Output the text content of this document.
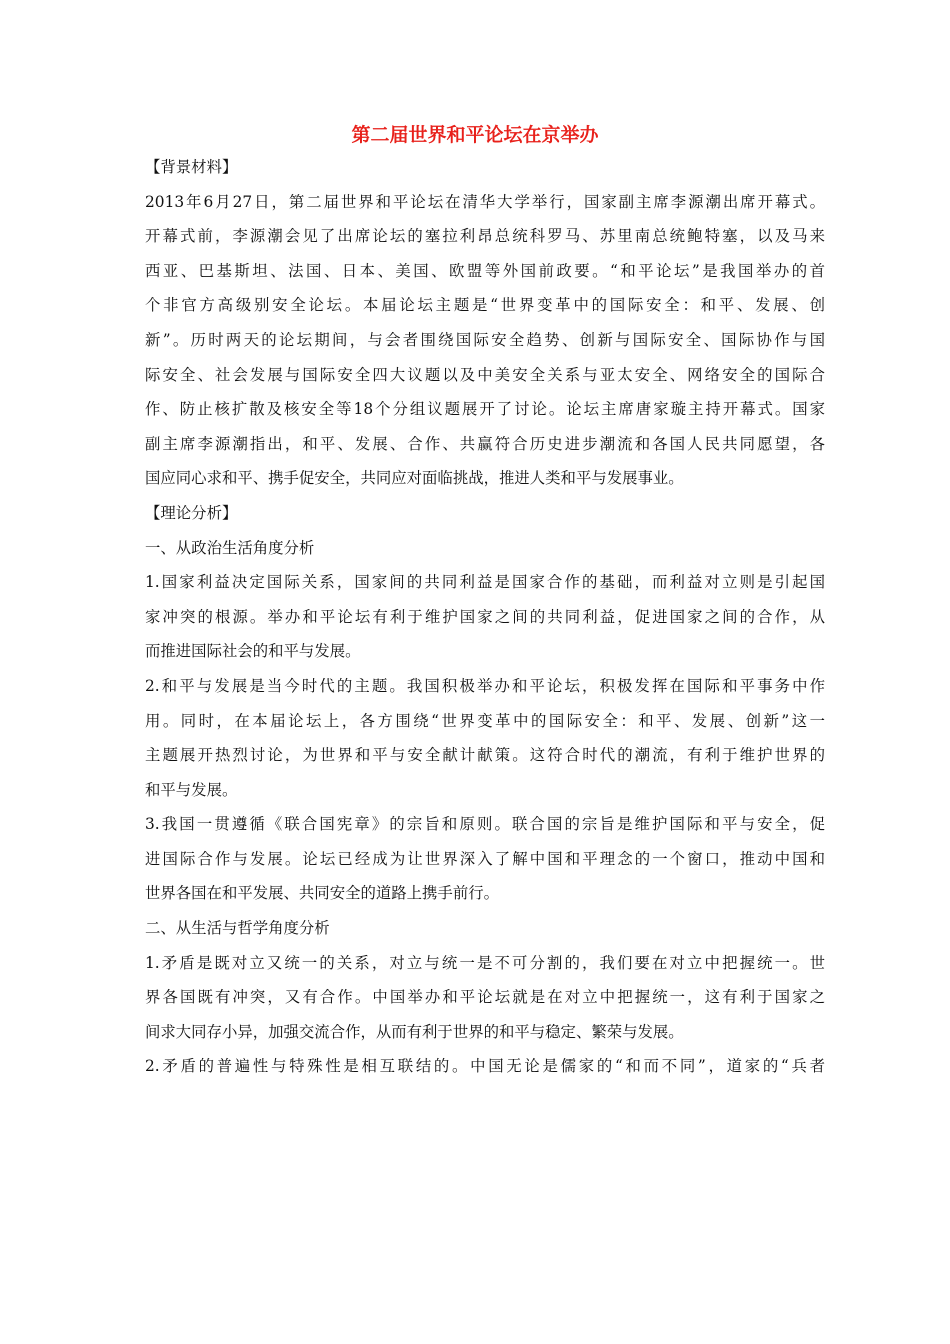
第二届世界和平论坛在京举办
【背景材料】
2013年6月27日，第二届世界和平论坛在清华大学举行，国家副主席李源潮出席开幕式。
开幕式前，李源潮会见了出席论坛的塞拉利昂总统科罗马、苏里南总统鲍特塞，以及马来
西亚、巴基斯坦、法国、日本、美国、欧盟等外国前政要。“和平论坛”是我国举办的首
个非官方高级别安全论坛。本届论坛主题是“世界变革中的国际安全：和平、发展、创
新”。历时两天的论坛期间，与会者围绕国际安全趋势、创新与国际安全、国际协作与国
际安全、社会发展与国际安全四大议题以及中美安全关系与亚太安全、网络安全的国际合
作、防止核扩散及核安全等18个分组议题展开了讨论。论坛主席唐家璇主持开幕式。国家
副主席李源潮指出，和平、发展、合作、共赢符合历史进步潮流和各国人民共同愿望，各
国应同心求和平、携手促安全，共同应对面临挑战，推进人类和平与发展事业。
【理论分析】
一、从政治生活角度分析
1.国家利益决定国际关系，国家间的共同利益是国家合作的基础，而利益对立则是引起国
家冲突的根源。举办和平论坛有利于维护国家之间的共同利益，促进国家之间的合作，从
而推进国际社会的和平与发展。
2.和平与发展是当今时代的主题。我国积极举办和平论坛，积极发挥在国际和平事务中作
用。同时，在本届论坛上，各方围绕“世界变革中的国际安全：和平、发展、创新”这一
主题展开热烈讨论，为世界和平与安全献计献策。这符合时代的潮流，有利于维护世界的
和平与发展。
3.我国一贯遵循《联合国宪章》的宗旨和原则。联合国的宗旨是维护国际和平与安全，促
进国际合作与发展。论坛已经成为让世界深入了解中国和平理念的一个窗口，推动中国和
世界各国在和平发展、共同安全的道路上携手前行。
二、从生活与哲学角度分析
1.矛盾是既对立又统一的关系，对立与统一是不可分割的，我们要在对立中把握统一。世
界各国既有冲突，又有合作。中国举办和平论坛就是在对立中把握统一，这有利于国家之
间求大同存小异，加强交流合作，从而有利于世界的和平与稳定、繁荣与发展。
2.矛盾的普遍性与特殊性是相互联结的。中国无论是儒家的“和而不同”，道家的“兵者
